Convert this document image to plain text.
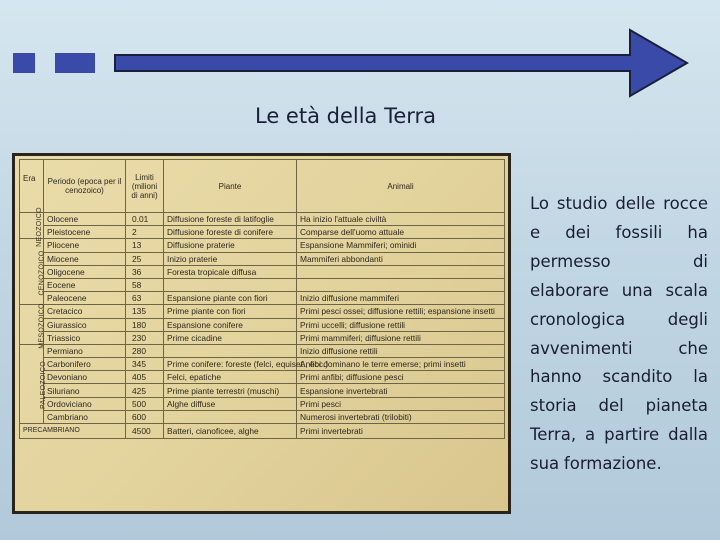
Le età della Terra
Era	Periodo (epoca per il cenozoico)	Limiti (milioni di anni)	Piante	Animali
NEOZOICO	Olocene	0.01	Diffusione foreste di latifoglie	Ha inizio l'attuale civiltà
	Pleistocene	2	Diffusione foreste di conifere	Comparse dell'uomo attuale
CENOZOICO	Pliocene	13	Diffusione praterie	Espansione Mammiferi; ominidi
	Miocene	25	Inizio praterie	Mammiferi abbondanti
	Oligocene	36	Foresta tropicale diffusa	
	Eocene	58		
	Paleocene	63	Espansione piante con fiori	Inizio diffusione mammiferi
MESOZOICO	Cretacico	135	Prime piante con fiori	Primi pesci ossei; diffusione rettili; espansione insetti
	Giurassico	180	Espansione conifere	Primi uccelli; diffusione rettili
	Triassico	230	Prime cicadine	Primi mammiferi; diffusione rettili
PALEOZOICO	Permiano	280		Inizio diffusione rettili
	Carbonifero	345	Prime conifere: foreste (felci, equiset., ecc.)	Anfibi dominano le terre emerse; primi insetti
	Devoniano	405	Felci, epatiche	Primi anfibi; diffusione pesci
	Siluriano	425	Prime piante terrestri (muschi)	Espansione invertebrati
	Ordoviciano	500	Alghe diffuse	Primi pesci
	Cambriano	600		Numerosi invertebrati (trilobiti)
PRECAMBRIANO		4500	Batteri, cianoficee, alghe	Primi invertebrati
Lo studio delle rocce e dei fossili ha permesso di elaborare una scala cronologica degli avvenimenti che hanno scandito la storia del pianeta Terra, a partire dalla sua formazione.
